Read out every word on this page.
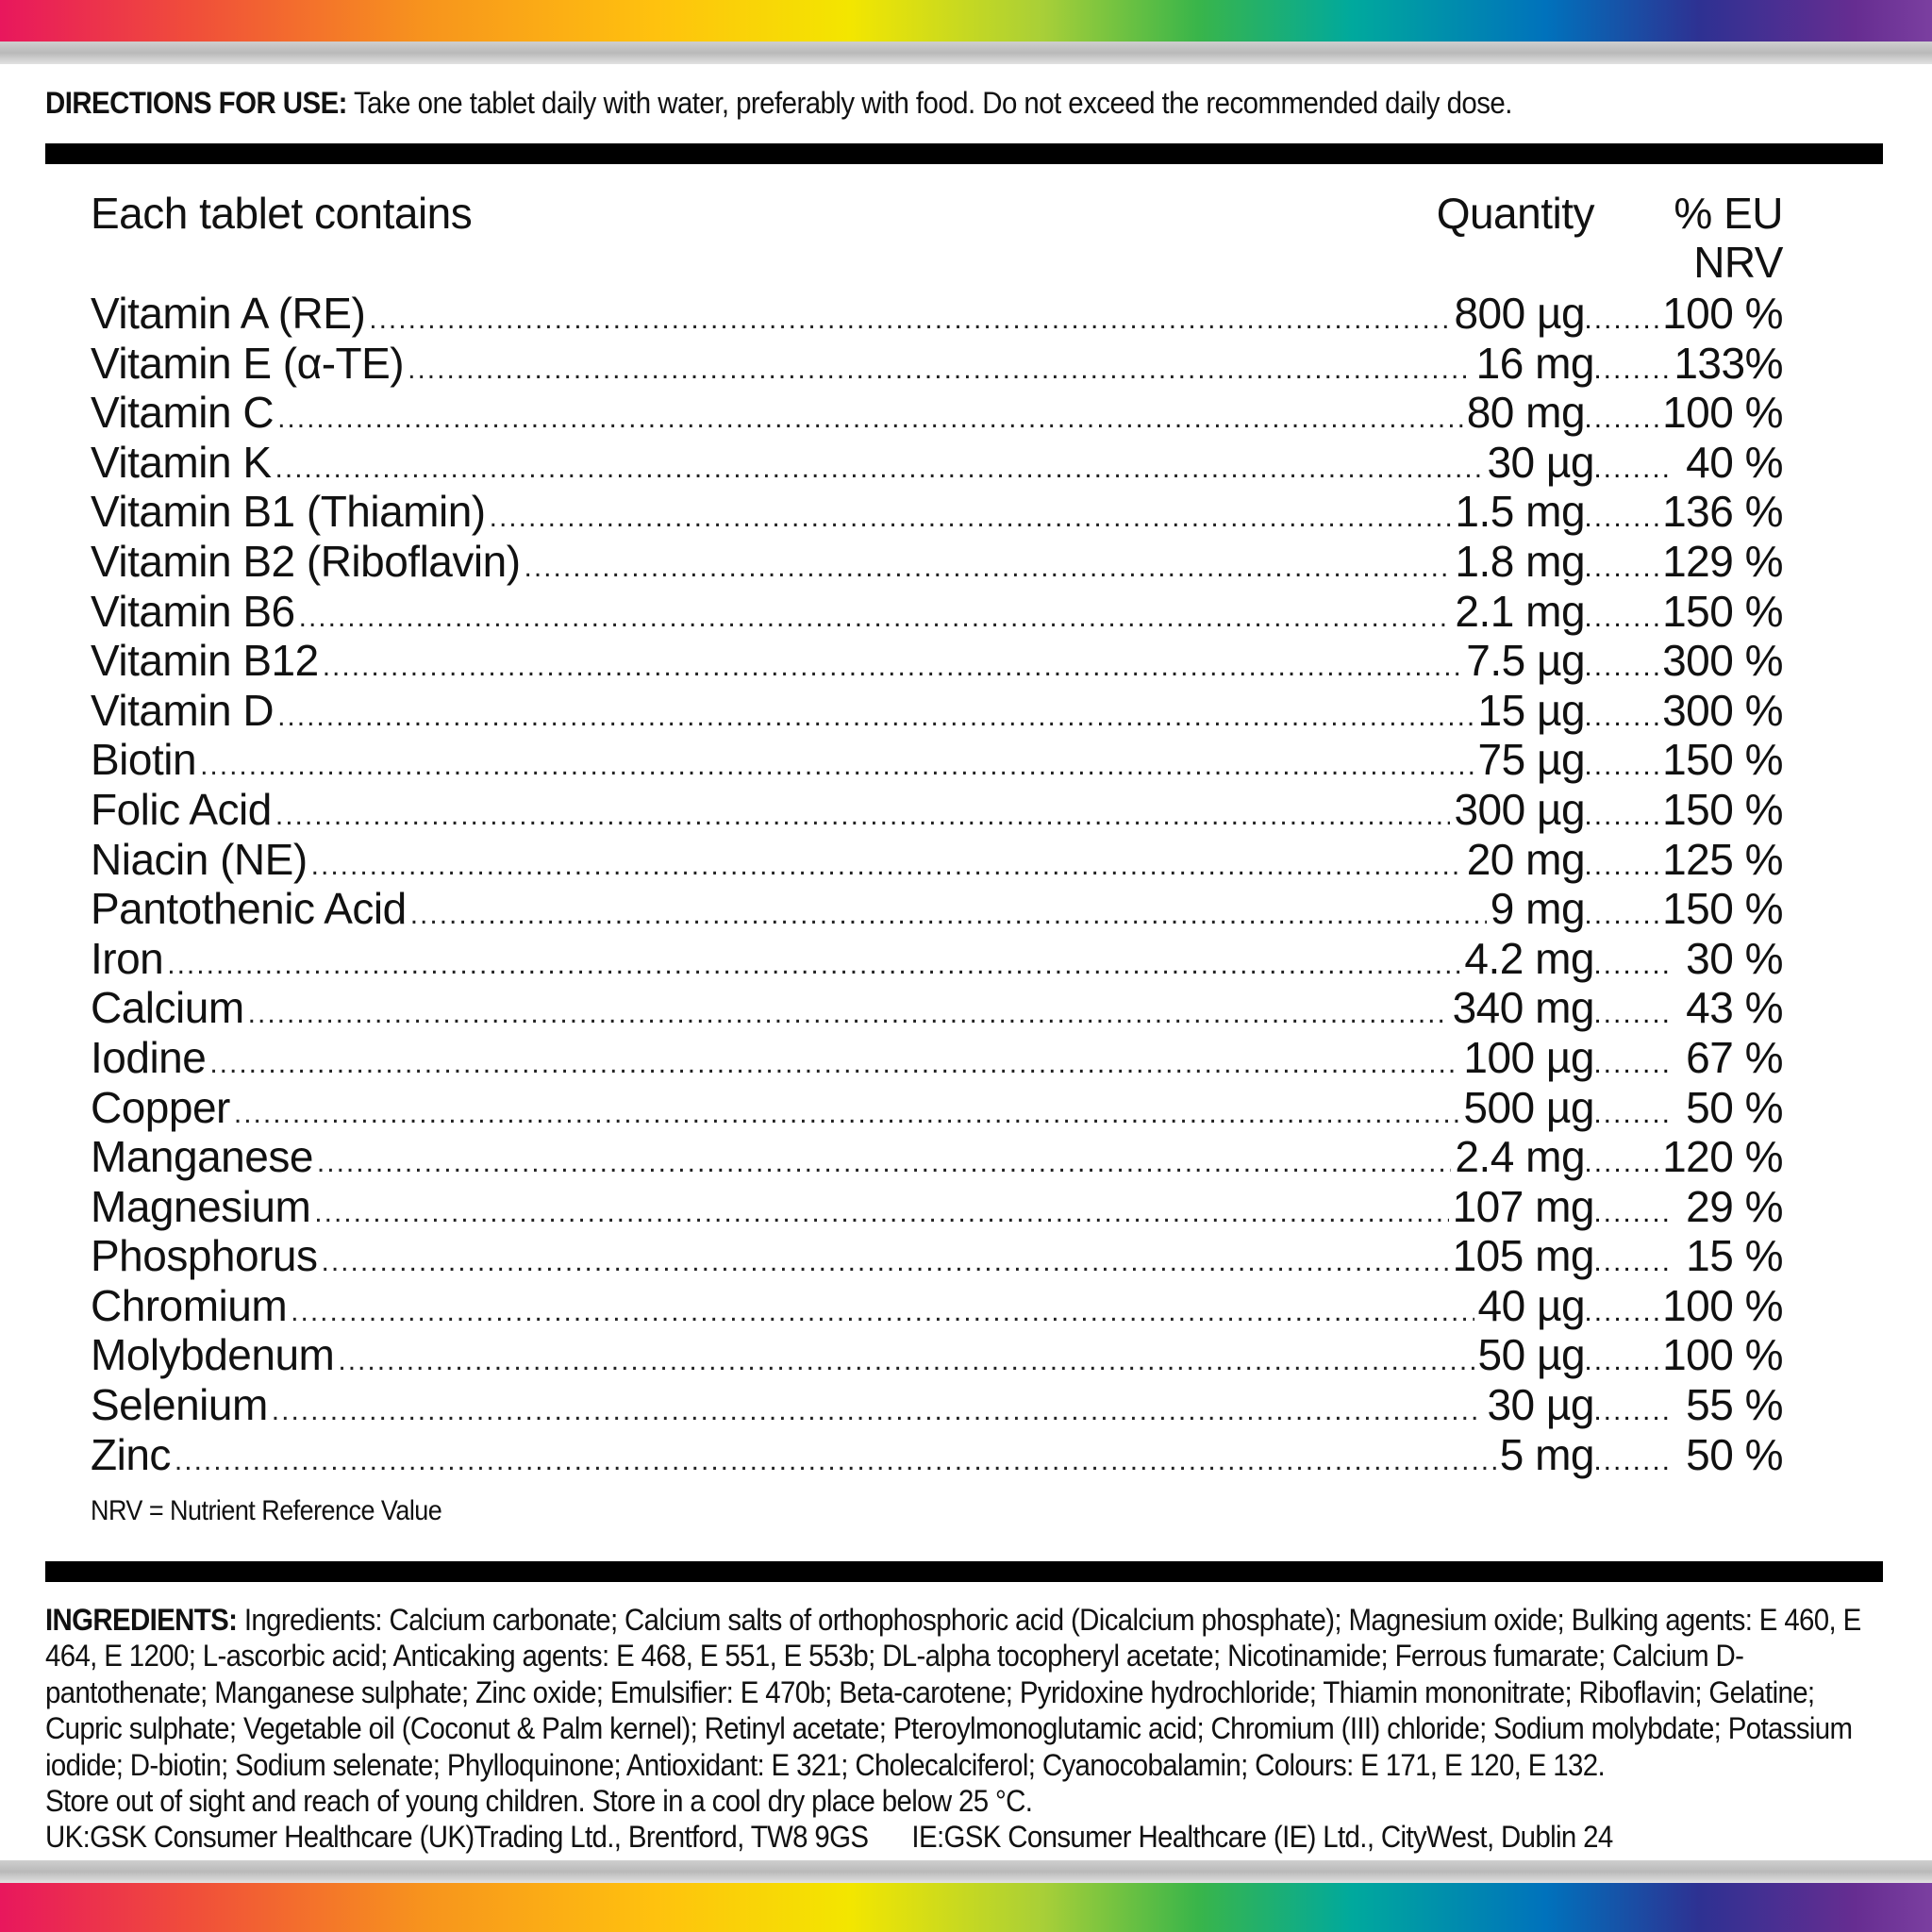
DIRECTIONS FOR USE: Take one tablet daily with water, preferably with food. Do not exceed the recommended daily dose.
Each tablet contains	Quantity % EU
NRV
Vitamin A (RE) .....	800 µg ..... 100 %
Vitamin E (α-TE) .....	16 mg ..... 133%
Vitamin C .....	80 mg ..... 100 %
Vitamin K .....	30 µg .....	40 %
Vitamin B1 (Thiamin) .....	1.5 mg ..... 136 %
Vitamin B2 (Riboflavin) .....	1.8 mg ..... 129 %
Vitamin B6 .....	2.1 mg ..... 150 %
Vitamin B12 .....	7.5 µg ..... 300 %
Vitamin D .....	15 µg ..... 300 %
Biotin .....	75 µg ..... 150 %
Folic Acid .....	300 µg ..... 150 %
Niacin (NE) .....	20 mg ..... 125 %
Pantothenic Acid .....	9 mg ..... 150 %
Iron .....	4.2 mg .....	30 %
Calcium .....	340 mg .....	43 %
Iodine .....	100 µg .....	67 %
Copper .....	500 µg .....	50 %
Manganese .....	2.4 mg ..... 120 %
Magnesium .....	107 mg .....	29 %
Phosphorus .....	105 mg .....	15 %
Chromium .....	40 µg ..... 100 %
Molybdenum .....	50 µg ..... 100 %
Selenium .....	30 µg .....	55 %
Zinc .....	5 mg .....	50 %
NRV = Nutrient Reference Value

INGREDIENTS: Ingredients: Calcium carbonate; Calcium salts of orthophosphoric acid (Dicalcium phosphate); Magnesium oxide; Bulking agents: E 460, E 464, E 1200; L-ascorbic acid; Anticaking agents: E 468, E 551, E 553b; DL-alpha tocopheryl acetate; Nicotinamide; Ferrous fumarate; Calcium D-pantothenate; Manganese sulphate; Zinc oxide; Emulsifier: E 470b; Beta-carotene; Pyridoxine hydrochloride; Thiamin mononitrate; Riboflavin; Gelatine; Cupric sulphate; Vegetable oil (Coconut & Palm kernel); Retinyl acetate; Pteroylmonoglutamic acid; Chromium (III) chloride; Sodium molybdate; Potassium iodide; D-biotin; Sodium selenate; Phylloquinone; Antioxidant: E 321; Cholecalciferol; Cyanocobalamin; Colours: E 171, E 120, E 132.

Store out of sight and reach of young children. Store in a cool dry place below 25 °C.

UK:GSK Consumer Healthcare (UK)Trading Ltd., Brentford, TW8 9GS IE:GSK Consumer Healthcare (IE) Ltd., CityWest, Dublin 24
